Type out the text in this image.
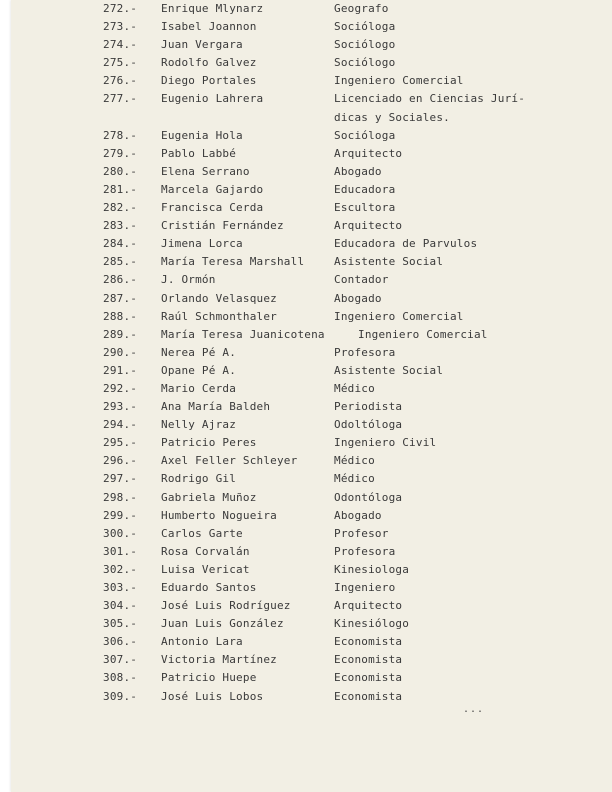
272.- Enrique Mlynarz	Geografo
273.- Isabel Joannon	Socióloga
274.- Juan Vergara	Sociólogo
275.- Rodolfo Galvez	Sociólogo
276.- Diego Portales	Ingeniero Comercial
277.- Eugenio Lahrera	Licenciado en Ciencias Jurí-
dicas y Sociales.
278.- Eugenia Hola	Socióloga
279.- Pablo Labbé	Arquitecto
280.- Elena Serrano	Abogado
281.- Marcela Gajardo	Educadora
282.- Francisca Cerda	Escultora
283.- Cristián Fernández	Arquitecto
284.- Jimena Lorca	Educadora de Parvulos
285.- María Teresa Marshall	Asistente Social
286.- J. Ormón	Contador
287.- Orlando Velasquez	Abogado
288.- Raúl Schmonthaler	Ingeniero Comercial
289.- María Teresa Juanicotena	Ingeniero Comercial
290.- Nerea Pé A.	Profesora
291.- Opane Pé A.	Asistente Social
292.- Mario Cerda	Médico
293.- Ana María Baldeh	Periodista
294.- Nelly Ajraz	Odoltóloga
295.- Patricio Peres	Ingeniero Civil
296.- Axel Feller Schleyer	Médico
297.- Rodrigo Gil	Médico
298.- Gabriela Muñoz	Odontóloga
299.- Humberto Nogueira	Abogado
300.- Carlos Garte	Profesor
301.- Rosa Corvalán	Profesora
302.- Luisa Vericat	Kinesiologa
303.- Eduardo Santos	Ingeniero
304.- José Luis Rodríguez	Arquitecto
305.- Juan Luis González	Kinesiólogo
306.- Antonio Lara	Economista
307.- Victoria Martínez	Economista
308.- Patricio Huepe	Economista
309.- José Luis Lobos	Economista
...
